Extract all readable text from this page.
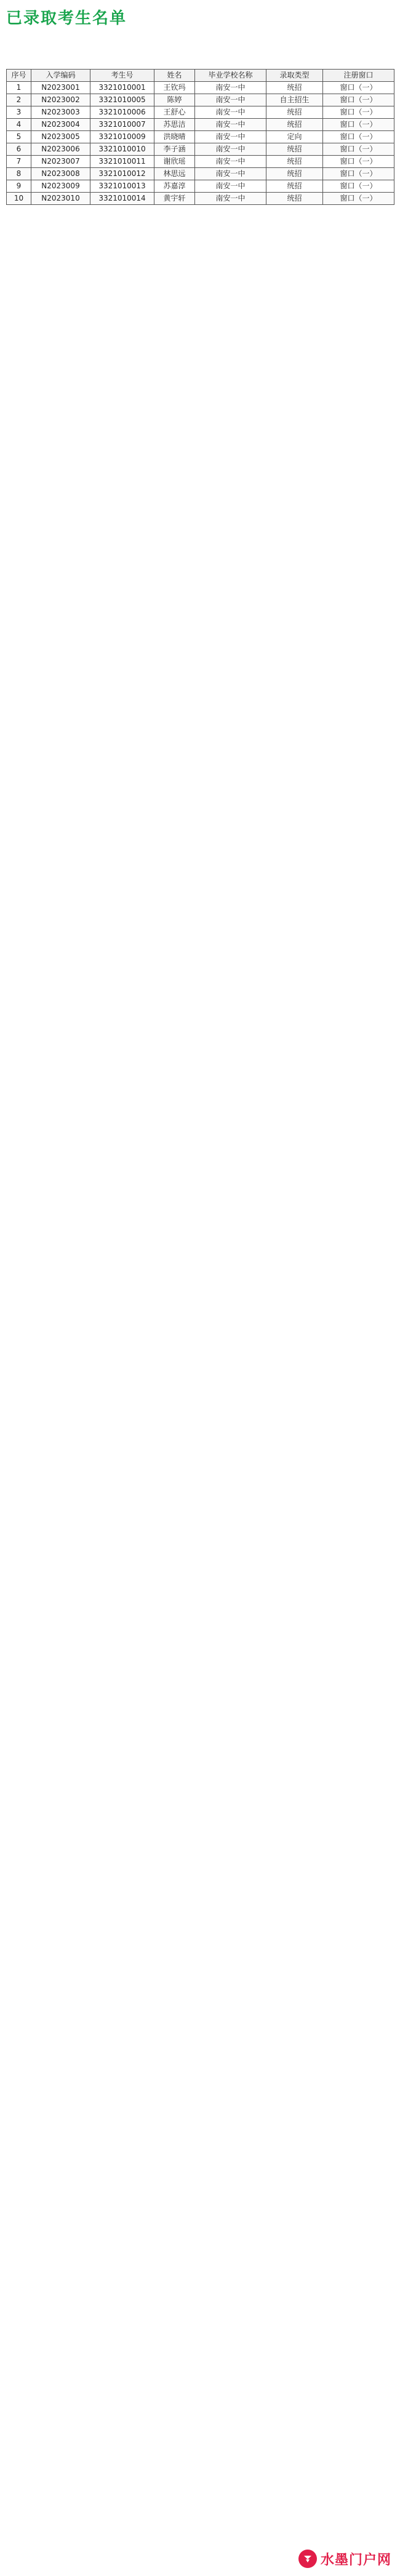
已录取考生名单
序号	入学编码	考生号	姓名	毕业学校名称	录取类型	注册窗口
1	N2023001	3321010001	王钦玛	南安一中	统招	窗口（一）
2	N2023002	3321010005	陈婷	南安一中	自主招生	窗口（一）
3	N2023003	3321010006	王舒心	南安一中	统招	窗口（一）
4	N2023004	3321010007	苏思洁	南安一中	统招	窗口（一）
5	N2023005	3321010009	洪晓晴	南安一中	定向	窗口（一）
6	N2023006	3321010010	李子涵	南安一中	统招	窗口（一）
7	N2023007	3321010011	谢欣瑶	南安一中	统招	窗口（一）
8	N2023008	3321010012	林思远	南安一中	统招	窗口（一）
9	N2023009	3321010013	苏嘉淳	南安一中	统招	窗口（一）
10	N2023010	3321010014	黄宇轩	南安一中	统招	窗口（一）
水墨门户网
